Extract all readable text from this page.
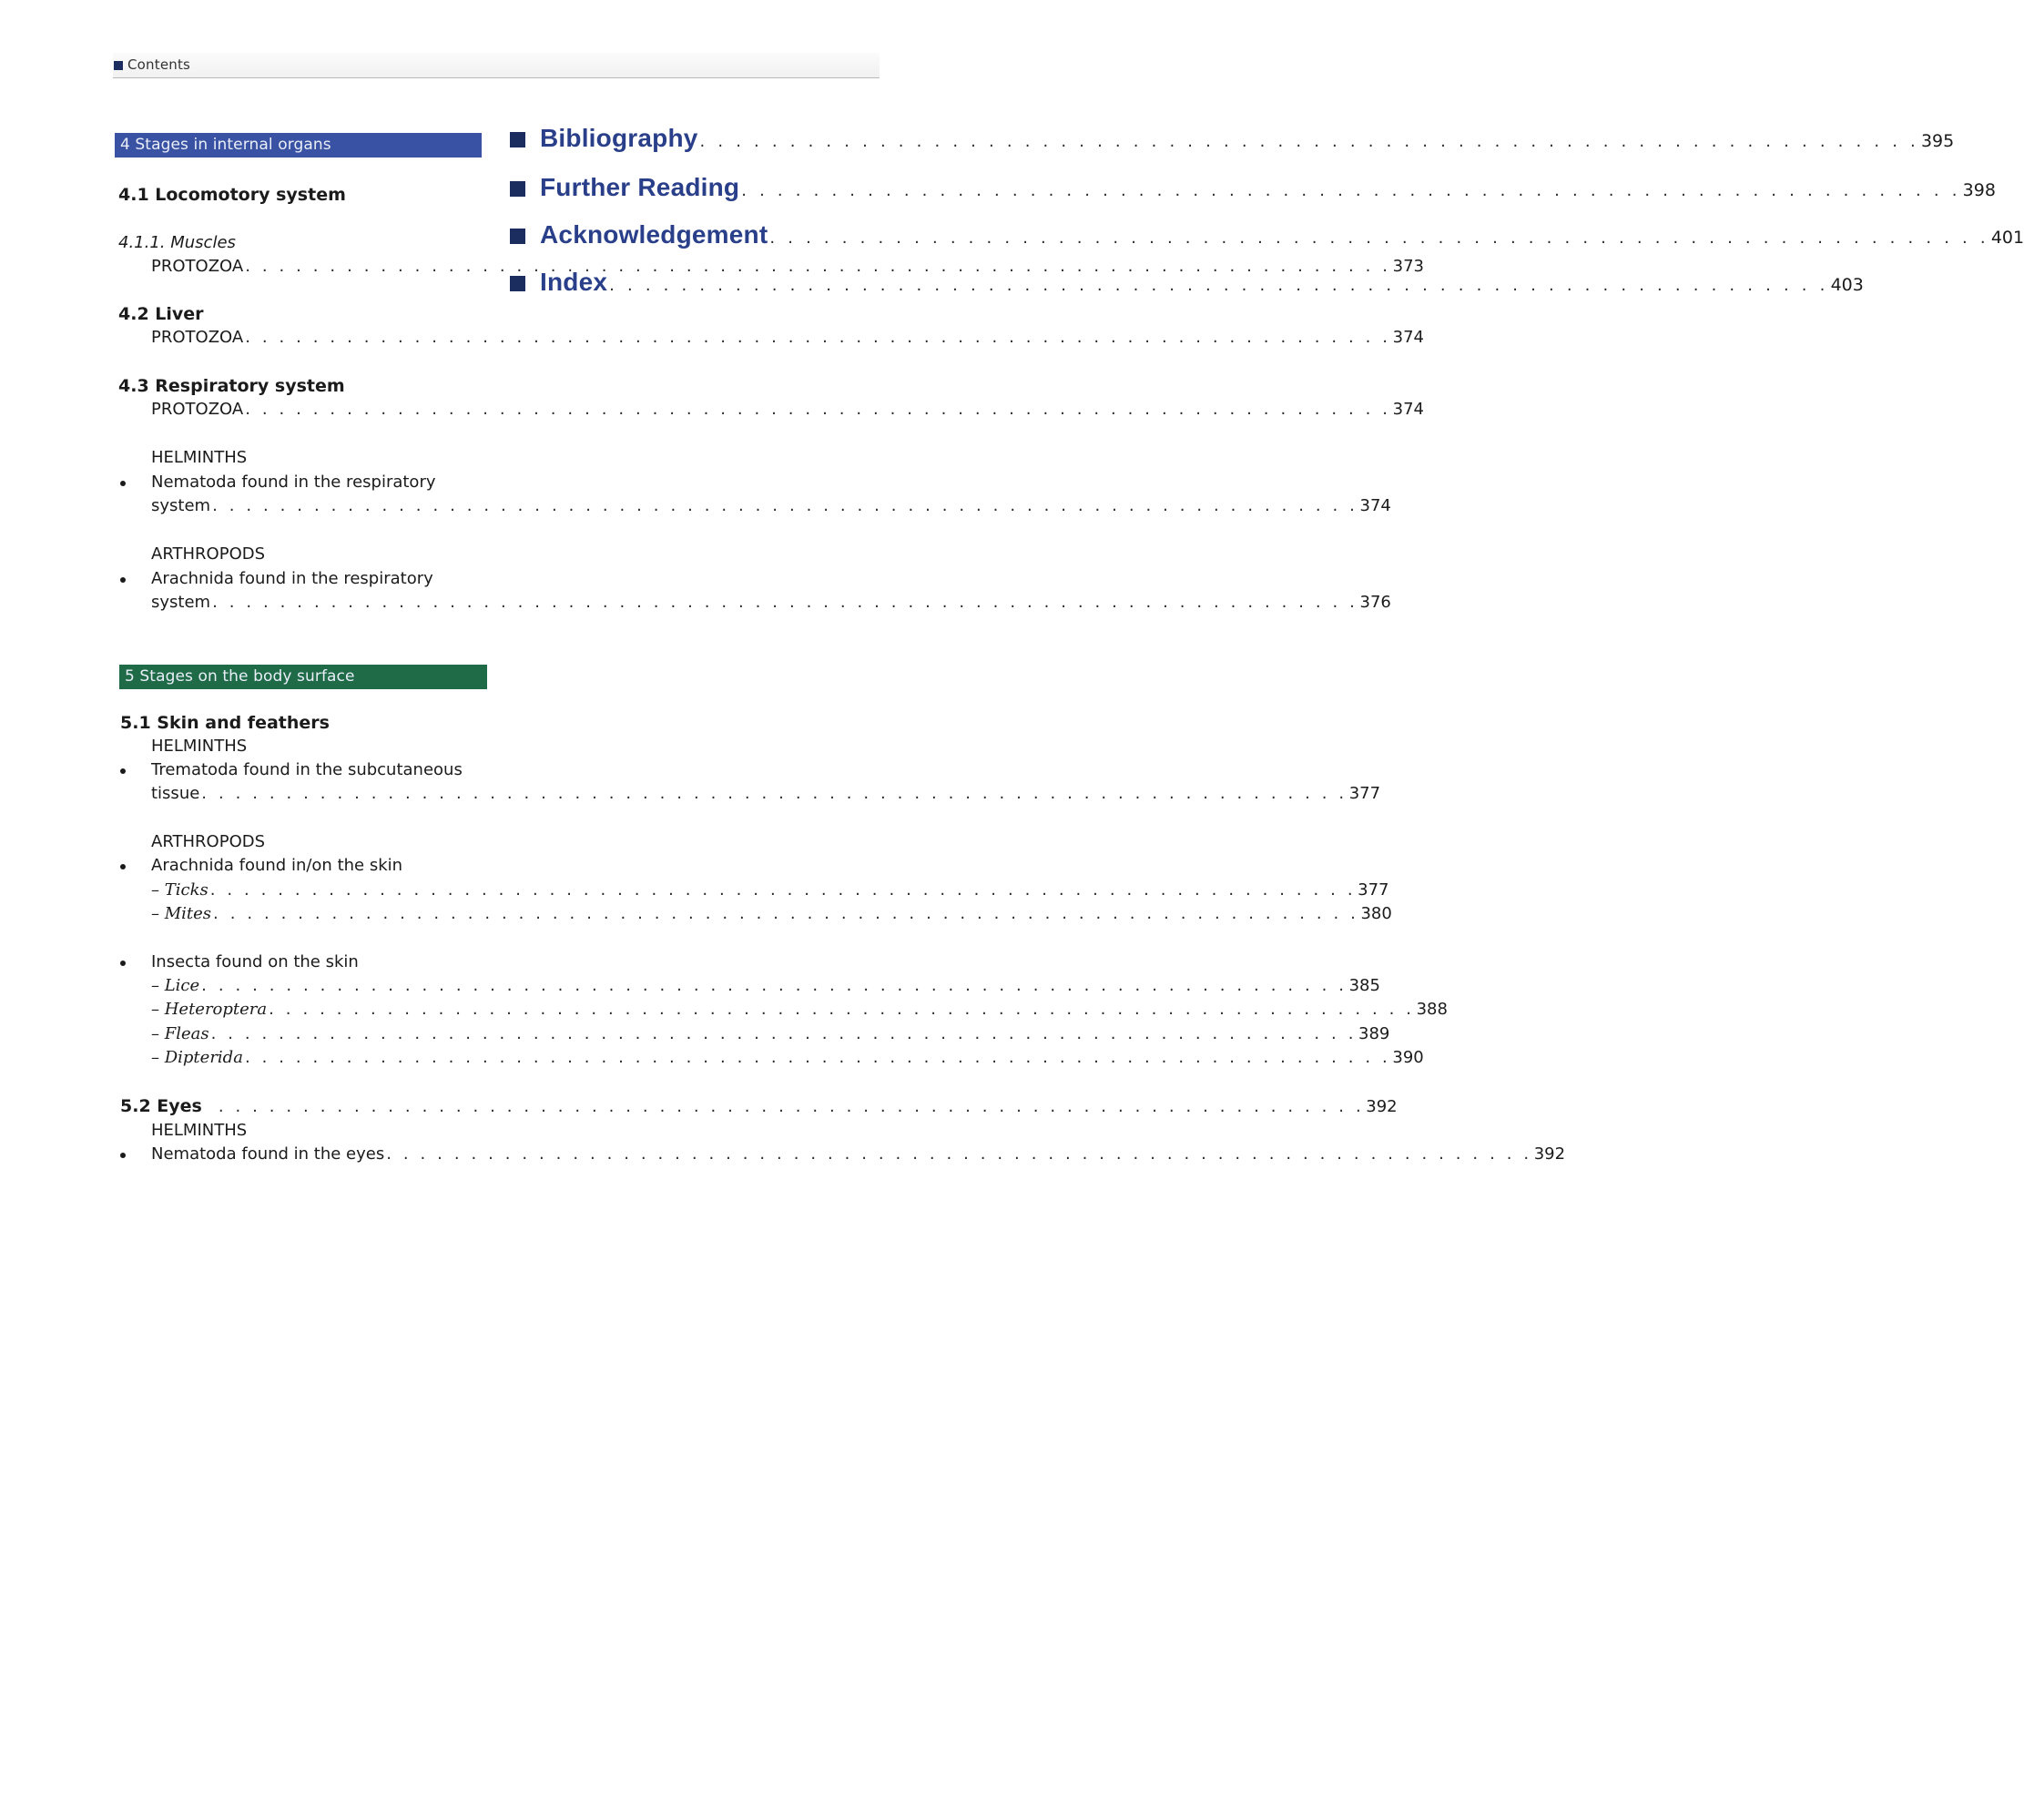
Contents
4 Stages in internal organs
4.1 Locomotory system
4.1.1. Muscles
PROTOZOA . . . . . . . . . . . . . . . . . . . . . . . . . . . . . . . . . . . . . . . . . . . . . . . . . . . . . . . . . . . . . . . . . . . . 373
4.2 Liver
PROTOZOA . . . . . . . . . . . . . . . . . . . . . . . . . . . . . . . . . . . . . . . . . . . . . . . . . . . . . . . . . . . . . . . . . . . . 374
4.3 Respiratory system
PROTOZOA . . . . . . . . . . . . . . . . . . . . . . . . . . . . . . . . . . . . . . . . . . . . . . . . . . . . . . . . . . . . . . . . . . . . 374
HELMINTHS
Nematoda found in the respiratory
system . . . . . . . . . . . . . . . . . . . . . . . . . . . . . . . . . . . . . . . . . . . . . . . . . . . . . . . . . . . . . . . . . . . . 374
ARTHROPODS
Arachnida found in the respiratory
system . . . . . . . . . . . . . . . . . . . . . . . . . . . . . . . . . . . . . . . . . . . . . . . . . . . . . . . . . . . . . . . . . . . . 376
5 Stages on the body surface
5.1 Skin and feathers
HELMINTHS
Trematoda found in the subcutaneous
tissue . . . . . . . . . . . . . . . . . . . . . . . . . . . . . . . . . . . . . . . . . . . . . . . . . . . . . . . . . . . . . . . . . . . . 377
ARTHROPODS
Arachnida found in/on the skin
– Ticks . . . . . . . . . . . . . . . . . . . . . . . . . . . . . . . . . . . . . . . . . . . . . . . . . . . . . . . . . . . . . . . . . . . . 377
– Mites . . . . . . . . . . . . . . . . . . . . . . . . . . . . . . . . . . . . . . . . . . . . . . . . . . . . . . . . . . . . . . . . . . . . 380
Insecta found on the skin
– Lice . . . . . . . . . . . . . . . . . . . . . . . . . . . . . . . . . . . . . . . . . . . . . . . . . . . . . . . . . . . . . . . . . . . . 385
– Heteroptera . . . . . . . . . . . . . . . . . . . . . . . . . . . . . . . . . . . . . . . . . . . . . . . . . . . . . . . . . . . . . . . . . . . . 388
– Fleas . . . . . . . . . . . . . . . . . . . . . . . . . . . . . . . . . . . . . . . . . . . . . . . . . . . . . . . . . . . . . . . . . . . . 389
– Dipterida . . . . . . . . . . . . . . . . . . . . . . . . . . . . . . . . . . . . . . . . . . . . . . . . . . . . . . . . . . . . . . . . . . . . 390
5.2 Eyes . . . . . . . . . . . . . . . . . . . . . . . . . . . . . . . . . . . . . . . . . . . . . . . . . . . . . . . . . . . . . . . . . . . . 392
HELMINTHS
Nematoda found in the eyes . . . . . . . . . . . . . . . . . . . . . . . . . . . . . . . . . . . . . . . . . . . . . . . . . . . . . . . . . . . . . . . . . . . . 392
Bibliography . . . . . . . . . . . . . . . . . . . . . . . . . . . . . . . . . . . . . . . . . . . . . . . . . . . . . . . . . . . . . . . . . . . . 395
Further Reading . . . . . . . . . . . . . . . . . . . . . . . . . . . . . . . . . . . . . . . . . . . . . . . . . . . . . . . . . . . . . . . . . . . . 398
Acknowledgement . . . . . . . . . . . . . . . . . . . . . . . . . . . . . . . . . . . . . . . . . . . . . . . . . . . . . . . . . . . . . . . . . . . . 401
Index . . . . . . . . . . . . . . . . . . . . . . . . . . . . . . . . . . . . . . . . . . . . . . . . . . . . . . . . . . . . . . . . . . . . 403
